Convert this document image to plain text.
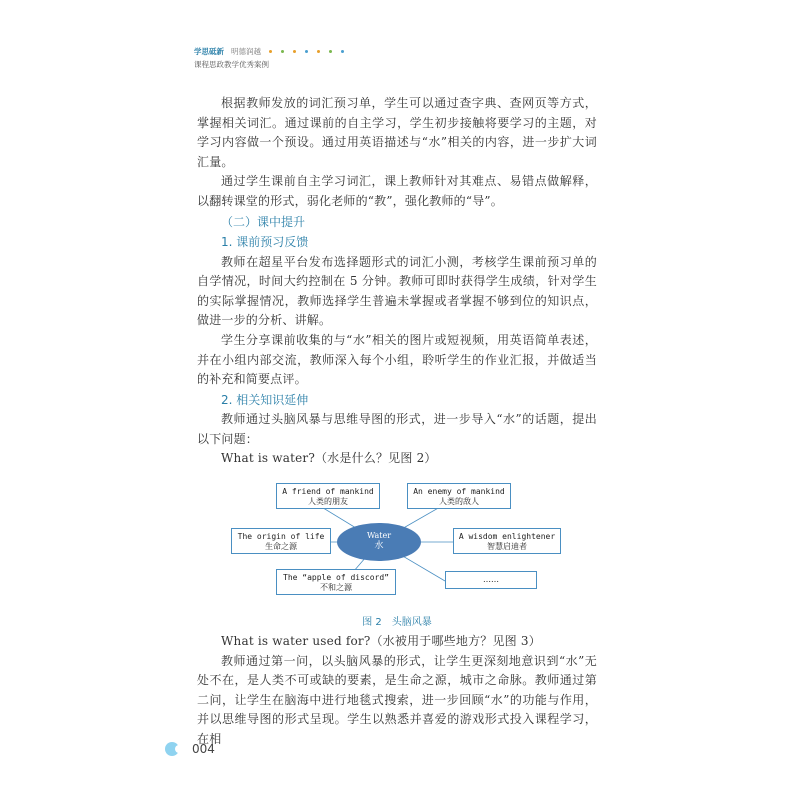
学思砥新 明德润越
课程思政教学优秀案例

根据教师发放的词汇预习单，学生可以通过查字典、查网页等方式，掌握相关词汇。通过课前的自主学习，学生初步接触将要学习的主题，对学习内容做一个预设。通过用英语描述与“水”相关的内容，进一步扩大词汇量。

通过学生课前自主学习词汇，课上教师针对其难点、易错点做解释，以翻转课堂的形式，弱化老师的“教”，强化教师的“导”。

（二）课中提升

1. 课前预习反馈

教师在超星平台发布选择题形式的词汇小测，考核学生课前预习单的自学情况，时间大约控制在 5 分钟。教师可即时获得学生成绩，针对学生的实际掌握情况，教师选择学生普遍未掌握或者掌握不够到位的知识点，做进一步的分析、讲解。

学生分享课前收集的与“水”相关的图片或短视频，用英语简单表述，并在小组内部交流，教师深入每个小组，聆听学生的作业汇报，并做适当的补充和简要点评。

2. 相关知识延伸

教师通过头脑风暴与思维导图的形式，进一步导入“水”的话题，提出以下问题：

What is water?（水是什么？见图 2）

A friend of mankind
人类的朋友
An enemy of mankind
人类的敌人
The origin of life
生命之源
A wisdom enlightener
智慧启迪者
The “apple of discord”
不和之源
……
Water
水
图 2　头脑风暴

What is water used for?（水被用于哪些地方？见图 3）

教师通过第一问，以头脑风暴的形式，让学生更深刻地意识到“水”无处不在，是人类不可或缺的要素，是生命之源，城市之命脉。教师通过第二问，让学生在脑海中进行地毯式搜索，进一步回顾“水”的功能与作用，并以思维导图的形式呈现。学生以熟悉并喜爱的游戏形式投入课程学习，在相

004
